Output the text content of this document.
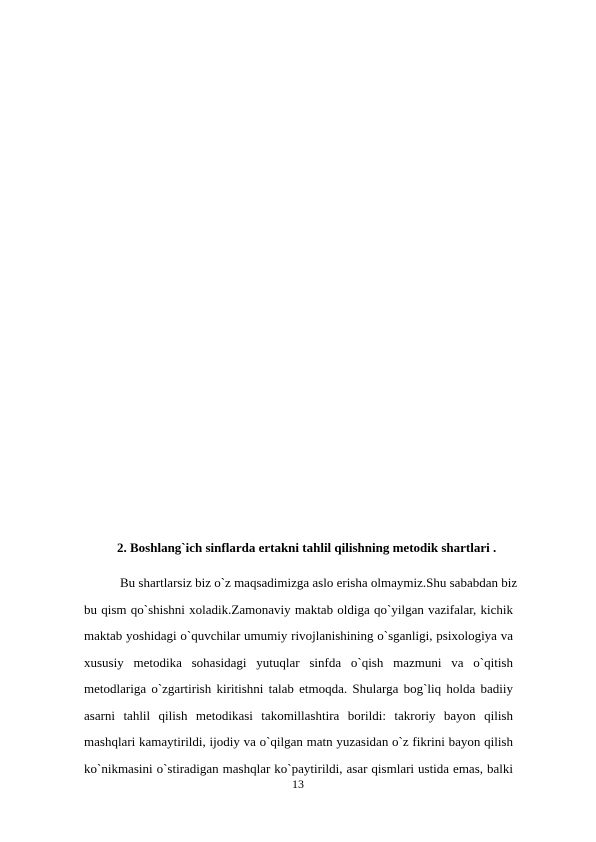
2. Boshlang`ich sinflarda ertakni tahlil qilishning metodik shartlari .

Bu shartlarsiz biz o`z maqsadimizga aslo erisha olmaymiz.Shu sababdan biz
bu qism qo`shishni xoladik.Zamonaviy maktab oldiga qo`yilgan vazifalar, kichik
maktab yoshidagi o`quvchilar umumiy rivojlanishining o`sganligi, psixologiya va
xususiy metodika sohasidagi yutuqlar sinfda o`qish mazmuni va o`qitish
metodlariga o`zgartirish kiritishni talab etmoqda. Shularga bog`liq holda badiiy
asarni tahlil qilish metodikasi takomillashtira borildi: takroriy bayon qilish
mashqlari kamaytirildi, ijodiy va o`qilgan matn yuzasidan o`z fikrini bayon qilish
ko`nikmasini o`stiradigan mashqlar ko`paytirildi, asar qismlari ustida emas, balki

13
